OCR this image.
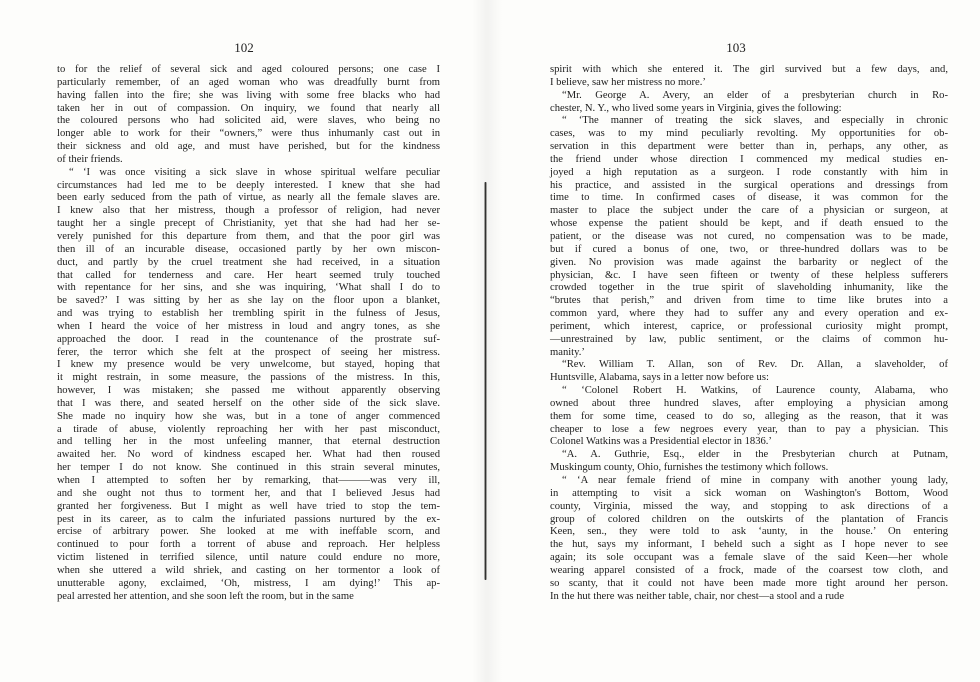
102
to for the relief of several sick and aged coloured persons; one case I
particularly remember, of an aged woman who was dreadfully burnt from
having fallen into the fire; she was living with some free blacks who had
taken her in out of compassion. On inquiry, we found that nearly all
the coloured persons who had solicited aid, were slaves, who being no
longer able to work for their “owners,” were thus inhumanly cast out in
their sickness and old age, and must have perished, but for the kindness
of their friends.
“ ‘I was once visiting a sick slave in whose spiritual welfare peculiar
circumstances had led me to be deeply interested. I knew that she had
been early seduced from the path of virtue, as nearly all the female slaves are.
I knew also that her mistress, though a professor of religion, had never
taught her a single precept of Christianity, yet that she had had her se-
verely punished for this departure from them, and that the poor girl was
then ill of an incurable disease, occasioned partly by her own miscon-
duct, and partly by the cruel treatment she had received, in a situation
that called for tenderness and care. Her heart seemed truly touched
with repentance for her sins, and she was inquiring, ‘What shall I do to
be saved?’ I was sitting by her as she lay on the floor upon a blanket,
and was trying to establish her trembling spirit in the fulness of Jesus,
when I heard the voice of her mistress in loud and angry tones, as she
approached the door. I read in the countenance of the prostrate suf-
ferer, the terror which she felt at the prospect of seeing her mistress.
I knew my presence would be very unwelcome, but stayed, hoping that
it might restrain, in some measure, the passions of the mistress. In this,
however, I was mistaken; she passed me without apparently observing
that I was there, and seated herself on the other side of the sick slave.
She made no inquiry how she was, but in a tone of anger commenced
a tirade of abuse, violently reproaching her with her past misconduct,
and telling her in the most unfeeling manner, that eternal destruction
awaited her. No word of kindness escaped her. What had then roused
her temper I do not know. She continued in this strain several minutes,
when I attempted to soften her by remarking, that———was very ill,
and she ought not thus to torment her, and that I believed Jesus had
granted her forgiveness. But I might as well have tried to stop the tem-
pest in its career, as to calm the infuriated passions nurtured by the ex-
ercise of arbitrary power. She looked at me with ineffable scorn, and
continued to pour forth a torrent of abuse and reproach. Her helpless
victim listened in terrified silence, until nature could endure no more,
when she uttered a wild shriek, and casting on her tormentor a look of
unutterable agony, exclaimed, ‘Oh, mistress, I am dying!’ This ap-
peal arrested her attention, and she soon left the room, but in the same
103
spirit with which she entered it. The girl survived but a few days, and,
I believe, saw her mistress no more.’
“Mr. George A. Avery, an elder of a presbyterian church in Ro-
chester, N. Y., who lived some years in Virginia, gives the following:
“ ‘The manner of treating the sick slaves, and especially in chronic
cases, was to my mind peculiarly revolting. My opportunities for ob-
servation in this department were better than in, perhaps, any other, as
the friend under whose direction I commenced my medical studies en-
joyed a high reputation as a surgeon. I rode constantly with him in
his practice, and assisted in the surgical operations and dressings from
time to time. In confirmed cases of disease, it was common for the
master to place the subject under the care of a physician or surgeon, at
whose expense the patient should be kept, and if death ensued to the
patient, or the disease was not cured, no compensation was to be made,
but if cured a bonus of one, two, or three-hundred dollars was to be
given. No provision was made against the barbarity or neglect of the
physician, &c. I have seen fifteen or twenty of these helpless sufferers
crowded together in the true spirit of slaveholding inhumanity, like the
“brutes that perish,” and driven from time to time like brutes into a
common yard, where they had to suffer any and every operation and ex-
periment, which interest, caprice, or professional curiosity might prompt,
—unrestrained by law, public sentiment, or the claims of common hu-
manity.’
“Rev. William T. Allan, son of Rev. Dr. Allan, a slaveholder, of
Huntsville, Alabama, says in a letter now before us:
“ ‘Colonel Robert H. Watkins, of Laurence county, Alabama, who
owned about three hundred slaves, after employing a physician among
them for some time, ceased to do so, alleging as the reason, that it was
cheaper to lose a few negroes every year, than to pay a physician. This
Colonel Watkins was a Presidential elector in 1836.’
“A. A. Guthrie, Esq., elder in the Presbyterian church at Putnam,
Muskingum county, Ohio, furnishes the testimony which follows.
“ ‘A near female friend of mine in company with another young lady,
in attempting to visit a sick woman on Washington's Bottom, Wood
county, Virginia, missed the way, and stopping to ask directions of a
group of colored children on the outskirts of the plantation of Francis
Keen, sen., they were told to ask ‘aunty, in the house.’ On entering
the hut, says my informant, I beheld such a sight as I hope never to see
again; its sole occupant was a female slave of the said Keen—her whole
wearing apparel consisted of a frock, made of the coarsest tow cloth, and
so scanty, that it could not have been made more tight around her person.
In the hut there was neither table, chair, nor chest—a stool and a rude
